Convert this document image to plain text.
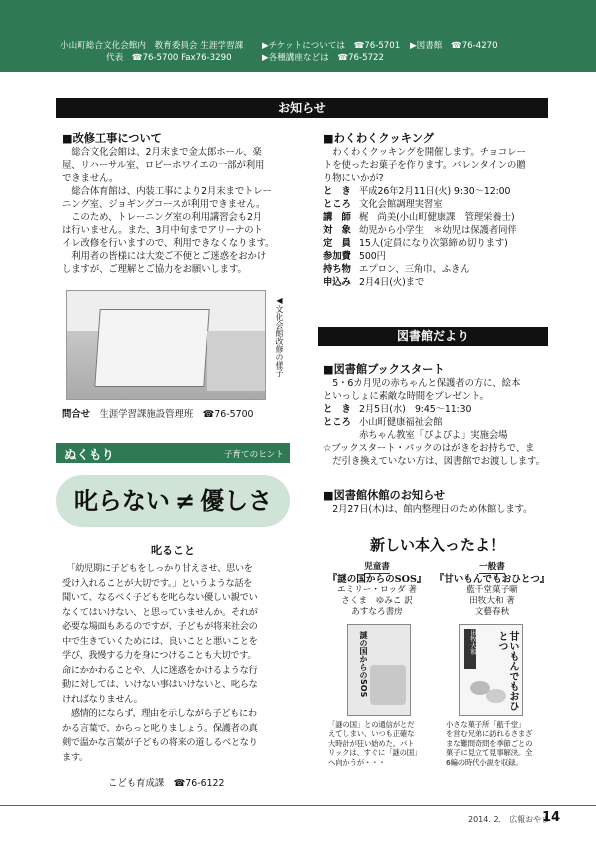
小山町総合文化会館内　教育委員会 生涯学習課
代表　☎76-5700 Fax76-3290
▶チケットについては　☎76-5701 ▶図書館　☎76-4270
▶各種講座などは　☎76-5722
お知らせ
■改修工事について
　総合文化会館は、2月末まで金太郎ホール、楽
屋、リハーサル室、ロビーホワイエの一部が利用
できません。
　総合体育館は、内装工事により2月末までトレー
ニング室、ジョギングコースが利用できません。
　このため、トレーニング室の利用講習会も2月
は行いません。また、3月中旬までアリーナのト
イレ改修を行いますので、利用できなくなります。
　利用者の皆様には大変ご不便とご迷惑をおかけ
しますが、ご理解とご協力をお願いします。
◀文化会館改修の様子
問合せ　 生涯学習課施設管理班　☎76-5700
■わくわくクッキング
　わくわくクッキングを開催します。チョコレー
トを使ったお菓子を作ります。バレンタインの贈
り物にいかが?
と　き 平成26年2月11日(火) 9:30～12:00
ところ 文化会館調理実習室
講　師 梶　尚美(小山町健康課　管理栄養士)
対　象 幼児から小学生　＊幼児は保護者同伴
定　員 15人(定員になり次第締め切ります)
参加費 500円
持ち物 エプロン、三角巾、ふきん
申込み 2月4日(火)まで
図書館だより
■図書館ブックスタート
　5・6カ月児の赤ちゃんと保護者の方に、絵本
といっしょに素敵な時間をプレゼント。
と　き 2月5日(水)　9:45～11:30
ところ 小山町健康福祉会館
赤ちゃん教室「ぴよぴよ」実施会場
☆ブックスタート・パックのはがきをお持ちで、ま
　だ引き換えていない方は、図書館でお渡しします。
■図書館休館のお知らせ
　2月27日(木)は、館内整理日のため休館します。
新しい本入ったよ！
児童書
『謎の国からのSOS』
エミリー・ロッダ 著
さくま　ゆみこ 訳
あすなろ書房
謎の国からのSOS
「謎の国」との通信がとだ
えてしまい、いつも正確な
大時計が狂い始めた。パト
リックは、すぐに「謎の国」
へ向かうが・・・
一般書
『甘いもんでもおひとつ』
藍千堂菓子噺
田牧大和 著
文藝春秋
甘いもんでもおひとつ
田牧大和
小さな菓子所「藍千堂」
を営む兄弟に訪れるさまざ
まな難問奇問を季節ごとの
菓子に見立て見事解決。全
6編の時代小説を収録。
ぬくもり	子育てのヒント
叱らない ≠ 優しさ
叱ること
　「幼児期に子どもをしっかり甘えさせ、思いを
受け入れることが大切です。」というような話を
聞いて、なるべく子どもを叱らない優しい親でい
なくてはいけない、と思っていませんか。それが
必要な場面もあるのですが、子どもが将来社会の
中で生きていくためには、良いことと悪いことを
学び、我慢する力を身につけることも大切です。
命にかかわることや、人に迷惑をかけるような行
動に対しては、いけない事はいけないと、叱らな
ければなりません。
　感情的にならず、理由を示しながら子どもにわ
かる言葉で、からっと叱りましょう。保護者の真
剣で温かな言葉が子どもの将来の道しるべとなり
ます。
こども育成課　☎76-6122
2014. 2.　 広報おやま
14
